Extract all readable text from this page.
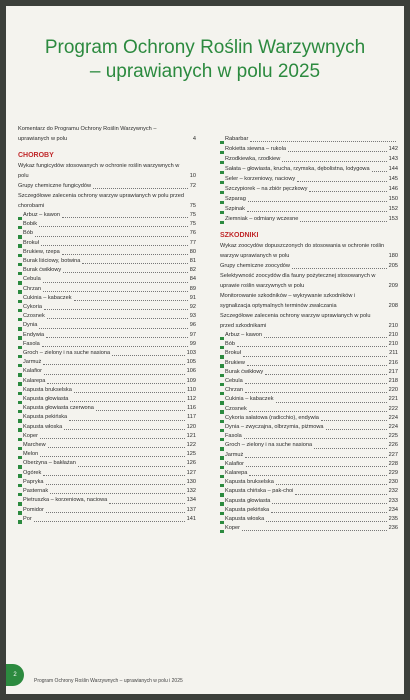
Program Ochrony Roślin Warzywnych
– uprawianych w polu 2025
Komentarz do Programu Ochrony Roślin Warzywnych – uprawianych w polu	4
CHOROBY
Wykaz fungicydów stosowanych w ochronie roślin warzywnych w polu	10
Grupy chemiczne fungicydów	72
Szczegółowe zalecenia ochrony warzyw uprawianych w polu przed chorobami	75
Arbuz – kawon	75
Bobik	75
Bób	76
Brokuł	77
Brukiew, rzepa	80
Burak liściowy, botwina	81
Burak ćwikłowy	82
Cebula	84
Chrzan	89
Cukinia – kabaczek	91
Cykoria	92
Czosnek	93
Dynia	96
Endywia	97
Fasola	99
Groch – zielony i na suche nasiona	103
Jarmuż	105
Kalafior	106
Kalarepa	109
Kapusta brukselska	110
Kapusta głowiasta	112
Kapusta głowiasta czerwona	116
Kapusta pekińska	117
Kapusta włoska	120
Koper	121
Marchew	122
Melon	125
Oberżyna – bakłażan	126
Ogórek	127
Papryka	130
Pasternak	132
Pietruszka – korzeniowa, naciowa	134
Pomidor	137
Por	141
Rabarbar
Rokietta siewna – rukola	142
Rzodkiewka, rzodkiew	143
Sałata – głowiasta, krucha, rzymska, dębolistna, lodygowa	144
Seler – korzeniowy, naciowy	145
Szczypiorek – na zbiór pęczkowy	146
Szparag	150
Szpinak	152
Ziemniak – odmiany wczesne	153
SZKODNIKI
Wykaz zoocydów dopuszczonych do stosowania w ochronie roślin warzyw uprawianych w polu	180
Grupy chemiczne zoocydów	205
Selektywność zoocydów dla fauny pożytecznej stosowanych w uprawie roślin warzywnych w polu	209
Monitorowanie szkodników – wykrywanie szkodników i sygnalizacja optymalnych terminów zwalczania	208
Szczegółowe zalecenia ochrony warzyw uprawianych w polu przed szkodnikami	210
Arbuz – kawon	210
Bób	210
Brokuł	211
Brukiew	216
Burak ćwikłowy	217
Cebula	218
Chrzan	220
Cukinia – kabaczek	221
Czosnek	222
Cykoria sałatowa (radicchio), endywia	224
Dynia – zwyczajna, olbrzymia, piżmowa	224
Fasola	225
Groch – zielony i na suche nasiona	226
Jarmuż	227
Kalafior	228
Kalarepa	229
Kapusta brukselska	230
Kapusta chińska – pak-choi	232
Kapusta głowiasta	233
Kapusta pekińska	234
Kapusta włoska	235
Koper	236
2
Program Ochrony Roślin Warzywnych – uprawianych w polu i 2025
